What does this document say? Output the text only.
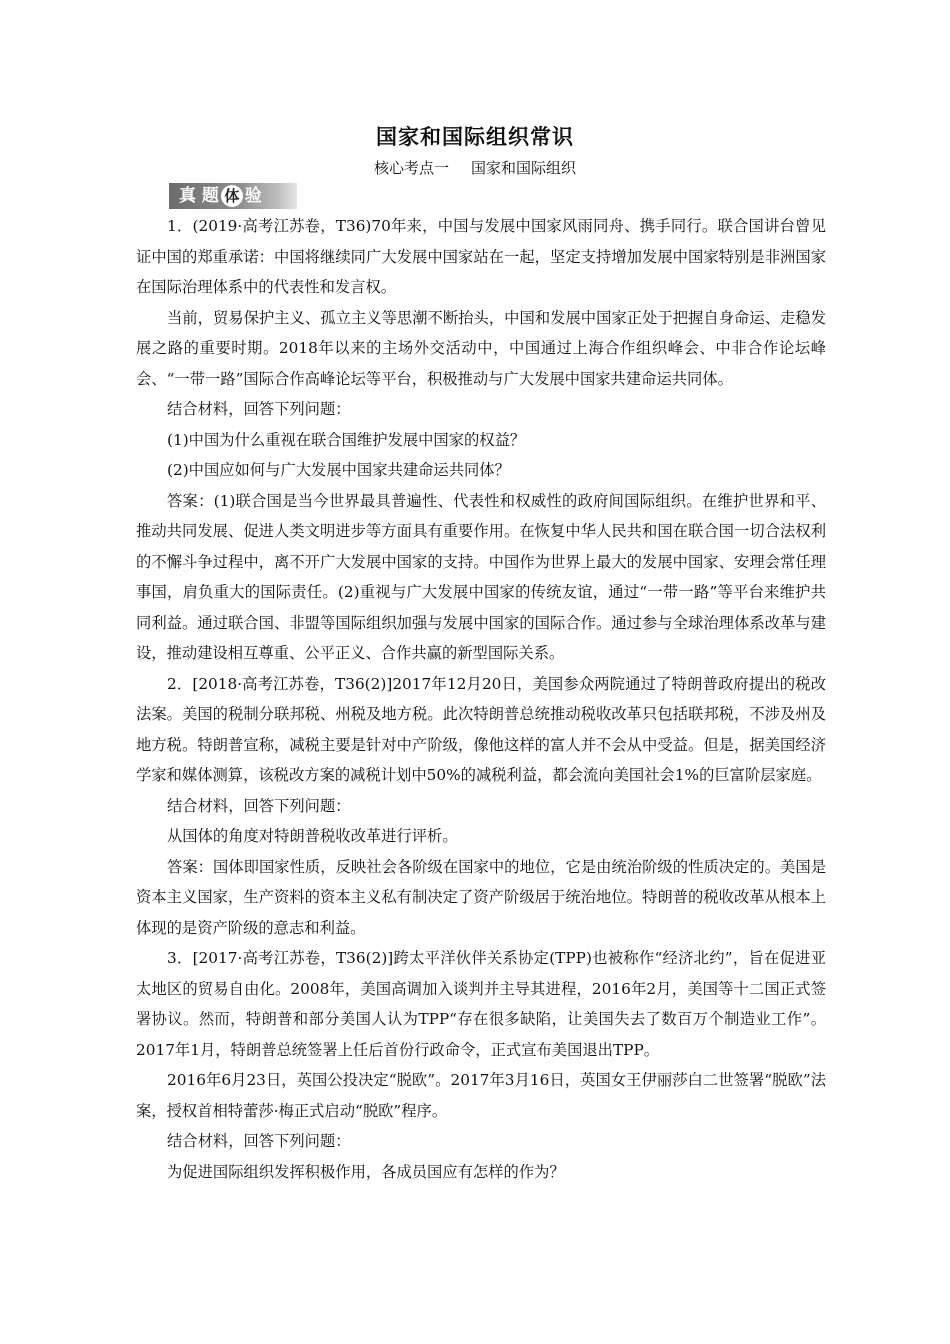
国家和国际组织常识
核心考点一 国家和国际组织
真 题 体 验

1．(2019·高考江苏卷，T36)70年来，中国与发展中国家风雨同舟、携手同行。联合国讲台曾见证中国的郑重承诺：中国将继续同广大发展中国家站在一起，坚定支持增加发展中国家特别是非洲国家在国际治理体系中的代表性和发言权。

当前，贸易保护主义、孤立主义等思潮不断抬头，中国和发展中国家正处于把握自身命运、走稳发展之路的重要时期。2018年以来的主场外交活动中，中国通过上海合作组织峰会、中非合作论坛峰会、“一带一路”国际合作高峰论坛等平台，积极推动与广大发展中国家共建命运共同体。

结合材料，回答下列问题：

(1)中国为什么重视在联合国维护发展中国家的权益？

(2)中国应如何与广大发展中国家共建命运共同体？

答案：(1)联合国是当今世界最具普遍性、代表性和权威性的政府间国际组织。在维护世界和平、推动共同发展、促进人类文明进步等方面具有重要作用。在恢复中华人民共和国在联合国一切合法权利的不懈斗争过程中，离不开广大发展中国家的支持。中国作为世界上最大的发展中国家、安理会常任理事国，肩负重大的国际责任。(2)重视与广大发展中国家的传统友谊，通过“一带一路”等平台来维护共同利益。通过联合国、非盟等国际组织加强与发展中国家的国际合作。通过参与全球治理体系改革与建设，推动建设相互尊重、公平正义、合作共赢的新型国际关系。

2．[2018·高考江苏卷，T36(2)]2017年12月20日，美国参众两院通过了特朗普政府提出的税改法案。美国的税制分联邦税、州税及地方税。此次特朗普总统推动税收改革只包括联邦税，不涉及州及地方税。特朗普宣称，减税主要是针对中产阶级，像他这样的富人并不会从中受益。但是，据美国经济学家和媒体测算，该税改方案的减税计划中50%的减税利益，都会流向美国社会1%的巨富阶层家庭。

结合材料，回答下列问题：

从国体的角度对特朗普税收改革进行评析。

答案：国体即国家性质，反映社会各阶级在国家中的地位，它是由统治阶级的性质决定的。美国是资本主义国家，生产资料的资本主义私有制决定了资产阶级居于统治地位。特朗普的税收改革从根本上体现的是资产阶级的意志和利益。

3．[2017·高考江苏卷，T36(2)]跨太平洋伙伴关系协定(TPP)也被称作“经济北约”，旨在促进亚太地区的贸易自由化。2008年，美国高调加入谈判并主导其进程，2016年2月，美国等十二国正式签署协议。然而，特朗普和部分美国人认为TPP“存在很多缺陷，让美国失去了数百万个制造业工作”。2017年1月，特朗普总统签署上任后首份行政命令，正式宣布美国退出TPP。

2016年6月23日，英国公投决定“脱欧”。2017年3月16日，英国女王伊丽莎白二世签署“脱欧”法案，授权首相特蕾莎·梅正式启动“脱欧”程序。

结合材料，回答下列问题：

为促进国际组织发挥积极作用，各成员国应有怎样的作为？
